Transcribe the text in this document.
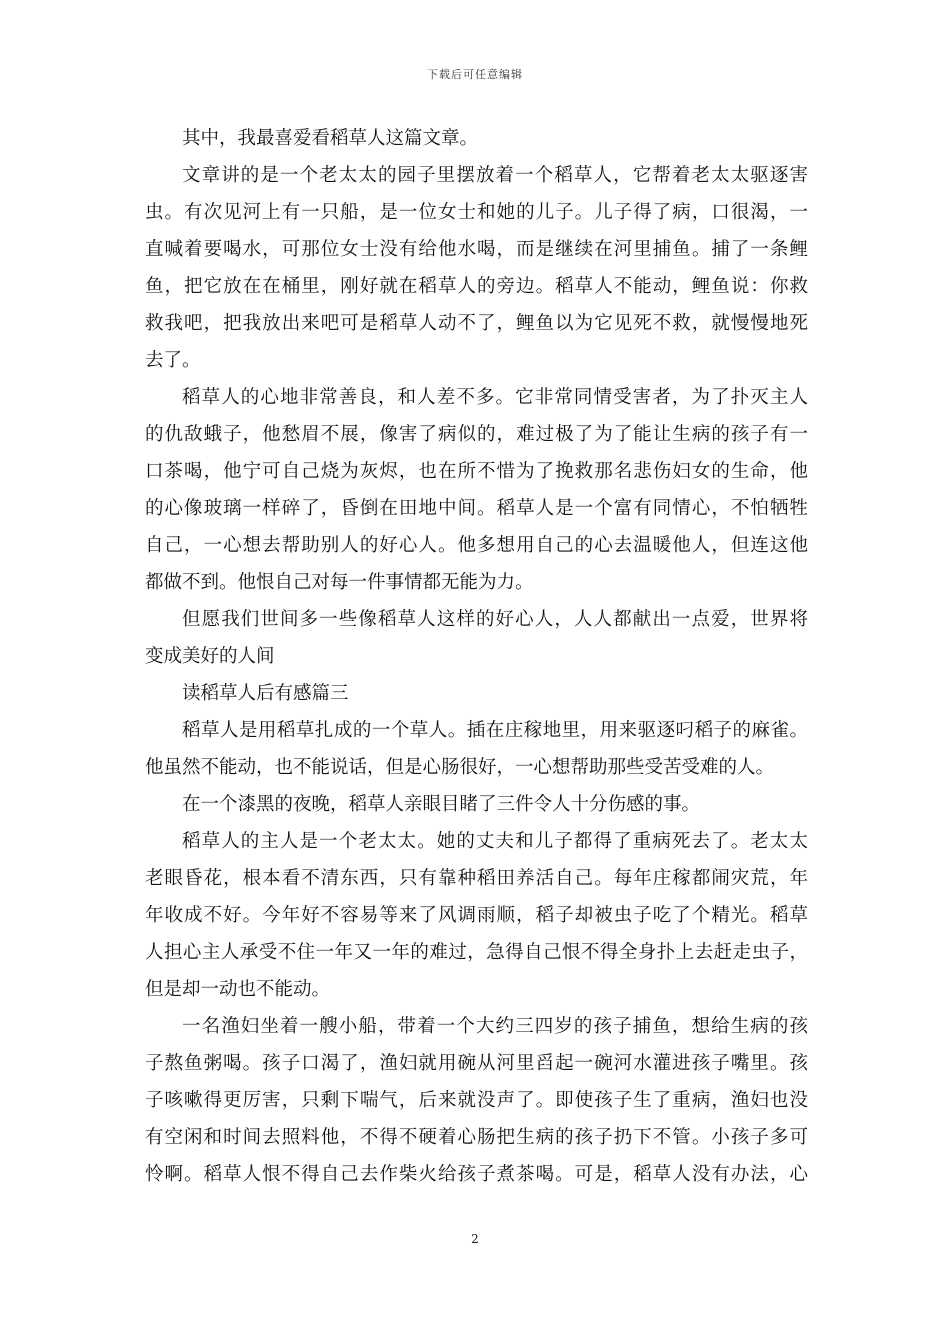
下载后可任意编辑
其中，我最喜爱看稻草人这篇文章。
文章讲的是一个老太太的园子里摆放着一个稻草人，它帮着老太太驱逐害
虫。有次见河上有一只船，是一位女士和她的儿子。儿子得了病，口很渴，一
直喊着要喝水，可那位女士没有给他水喝，而是继续在河里捕鱼。捕了一条鲤
鱼，把它放在在桶里，刚好就在稻草人的旁边。稻草人不能动，鲤鱼说：你救
救我吧，把我放出来吧可是稻草人动不了，鲤鱼以为它见死不救，就慢慢地死
去了。
稻草人的心地非常善良，和人差不多。它非常同情受害者，为了扑灭主人
的仇敌蛾子，他愁眉不展，像害了病似的，难过极了为了能让生病的孩子有一
口茶喝，他宁可自己烧为灰烬，也在所不惜为了挽救那名悲伤妇女的生命，他
的心像玻璃一样碎了，昏倒在田地中间。稻草人是一个富有同情心，不怕牺牲
自己，一心想去帮助别人的好心人。他多想用自己的心去温暖他人，但连这他
都做不到。他恨自己对每一件事情都无能为力。
但愿我们世间多一些像稻草人这样的好心人，人人都献出一点爱，世界将
变成美好的人间
读稻草人后有感篇三
稻草人是用稻草扎成的一个草人。插在庄稼地里，用来驱逐叼稻子的麻雀。
他虽然不能动，也不能说话，但是心肠很好，一心想帮助那些受苦受难的人。
在一个漆黑的夜晚，稻草人亲眼目睹了三件令人十分伤感的事。
稻草人的主人是一个老太太。她的丈夫和儿子都得了重病死去了。老太太
老眼昏花，根本看不清东西，只有靠种稻田养活自己。每年庄稼都闹灾荒，年
年收成不好。今年好不容易等来了风调雨顺，稻子却被虫子吃了个精光。稻草
人担心主人承受不住一年又一年的难过，急得自己恨不得全身扑上去赶走虫子，
但是却一动也不能动。
一名渔妇坐着一艘小船，带着一个大约三四岁的孩子捕鱼，想给生病的孩
子熬鱼粥喝。孩子口渴了，渔妇就用碗从河里舀起一碗河水灌进孩子嘴里。孩
子咳嗽得更厉害，只剩下喘气，后来就没声了。即使孩子生了重病，渔妇也没
有空闲和时间去照料他，不得不硬着心肠把生病的孩子扔下不管。小孩子多可
怜啊。稻草人恨不得自己去作柴火给孩子煮茶喝。可是，稻草人没有办法，心
2
